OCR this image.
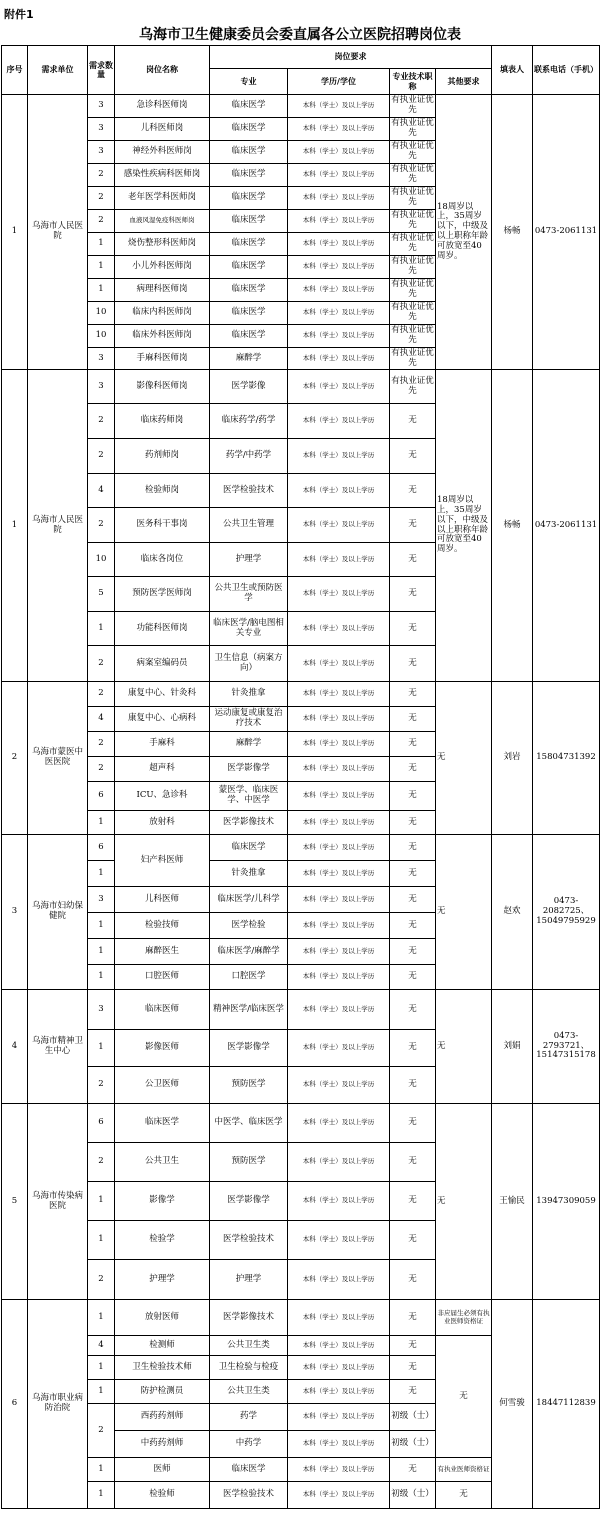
附件1
乌海市卫生健康委员会委直属各公立医院招聘岗位表
序号	需求单位	需求数量	岗位名称	岗位要求				填表人	联系电话（手机）
				专业	学历/学位	专业技术职称	其他要求		
1	乌海市人民医院	3	急诊科医师岗	临床医学	本科（学士）及以上学历	有执业证优先	18周岁以上，35周岁以下，中级及以上职称年龄可放宽至40周岁。	杨畅	0473-2061131
		3	儿科医师岗	临床医学	本科（学士）及以上学历	有执业证优先			
		3	神经外科医师岗	临床医学	本科（学士）及以上学历	有执业证优先			
		2	感染性疾病科医师岗	临床医学	本科（学士）及以上学历	有执业证优先			
		2	老年医学科医师岗	临床医学	本科（学士）及以上学历	有执业证优先			
		2	血液风湿免疫科医师岗	临床医学	本科（学士）及以上学历	有执业证优先			
		1	烧伤整形科医师岗	临床医学	本科（学士）及以上学历	有执业证优先			
		1	小儿外科医师岗	临床医学	本科（学士）及以上学历	有执业证优先			
		1	病理科医师岗	临床医学	本科（学士）及以上学历	有执业证优先			
		10	临床内科医师岗	临床医学	本科（学士）及以上学历	有执业证优先			
		10	临床外科医师岗	临床医学	本科（学士）及以上学历	有执业证优先			
		3	手麻科医师岗	麻醉学	本科（学士）及以上学历	有执业证优先			
1	乌海市人民医院	3	影像科医师岗	医学影像	本科（学士）及以上学历	有执业证优先	18周岁以上，35周岁以下，中级及以上职称年龄可放宽至40周岁。	杨畅	0473-2061131
		2	临床药师岗	临床药学/药学	本科（学士）及以上学历	无			
		2	药剂师岗	药学/中药学	本科（学士）及以上学历	无			
		4	检验师岗	医学检验技术	本科（学士）及以上学历	无			
		2	医务科干事岗	公共卫生管理	本科（学士）及以上学历	无			
		10	临床各岗位	护理学	本科（学士）及以上学历	无			
		5	预防医学医师岗	公共卫生或预防医学	本科（学士）及以上学历	无			
		1	功能科医师岗	临床医学/脑电图相关专业	本科（学士）及以上学历	无			
		2	病案室编码员	卫生信息（病案方向）	本科（学士）及以上学历	无			
2	乌海市蒙医中医医院	2	康复中心、针灸科	针灸推拿	本科（学士）及以上学历	无	无	刘岩	15804731392
		4	康复中心、心病科	运动康复或康复治疗技术	本科（学士）及以上学历	无			
		2	手麻科	麻醉学	本科（学士）及以上学历	无			
		2	超声科	医学影像学	本科（学士）及以上学历	无			
		6	ICU、急诊科	蒙医学、临床医学、中医学	本科（学士）及以上学历	无			
		1	放射科	医学影像技术	本科（学士）及以上学历	无			
3	乌海市妇幼保健院	6	妇产科医师	临床医学	本科（学士）及以上学历	无	无	赵欢	0473-2082725、15049795929
		1		针灸推拿	本科（学士）及以上学历	无			
		3	儿科医师	临床医学/儿科学	本科（学士）及以上学历	无			
		1	检验技师	医学检验	本科（学士）及以上学历	无			
		1	麻醉医生	临床医学/麻醉学	本科（学士）及以上学历	无			
		1	口腔医师	口腔医学	本科（学士）及以上学历	无			
4	乌海市精神卫生中心	3	临床医师	精神医学/临床医学	本科（学士）及以上学历	无	无	刘娟	0473-2793721、15147315178
		1	影像医师	医学影像学	本科（学士）及以上学历	无			
		2	公卫医师	预防医学	本科（学士）及以上学历	无			
5	乌海市传染病医院	6	临床医学	中医学、临床医学	本科（学士）及以上学历	无	无	王愉民	13947309059
		2	公共卫生	预防医学	本科（学士）及以上学历	无			
		1	影像学	医学影像学	本科（学士）及以上学历	无			
		1	检验学	医学检验技术	本科（学士）及以上学历	无			
		2	护理学	护理学	本科（学士）及以上学历	无			
6	乌海市职业病防治院	1	放射医师	医学影像技术	本科（学士）及以上学历	无	非应届生必须有执业医师资格证	何雪骏	18447112839
		4	检测师	公共卫生类	本科（学士）及以上学历	无	无		
		1	卫生检验技术师	卫生检验与检疫	本科（学士）及以上学历	无			
		1	防护检测员	公共卫生类	本科（学士）及以上学历	无			
		2	西药药剂师	药学	本科（学士）及以上学历	初级（士）			
			中药药剂师	中药学	本科（学士）及以上学历	初级（士）			
		1	医师	临床医学	本科（学士）及以上学历	无	有执业医师资格证		
		1	检验师	医学检验技术	本科（学士）及以上学历	初级（士）	无		
